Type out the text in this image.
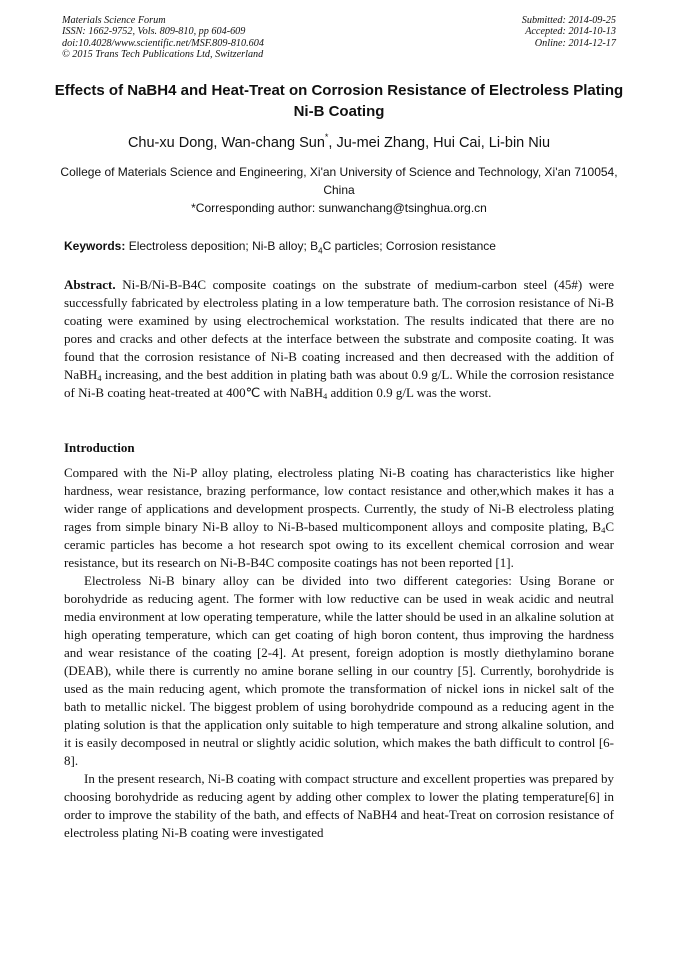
Materials Science Forum
ISSN: 1662-9752, Vols. 809-810, pp 604-609
doi:10.4028/www.scientific.net/MSF.809-810.604
© 2015 Trans Tech Publications Ltd, Switzerland
Submitted: 2014-09-25
Accepted: 2014-10-13
Online: 2014-12-17
Effects of NaBH4 and Heat-Treat on Corrosion Resistance of Electroless Plating Ni-B Coating
Chu-xu Dong, Wan-chang Sun*, Ju-mei Zhang, Hui Cai, Li-bin Niu
College of Materials Science and Engineering, Xi'an University of Science and Technology, Xi'an 710054, China
*Corresponding author: sunwanchang@tsinghua.org.cn
Keywords: Electroless deposition; Ni-B alloy; $B_4C$ particles; Corrosion resistance
Abstract. Ni-B/Ni-B-B4C composite coatings on the substrate of medium-carbon steel (45#) were successfully fabricated by electroless plating in a low temperature bath. The corrosion resistance of Ni-B coating were examined by using electrochemical workstation. The results indicated that there are no pores and cracks and other defects at the interface between the substrate and composite coating. It was found that the corrosion resistance of Ni-B coating increased and then decreased with the addition of NaBH$_4$ increasing, and the best addition in plating bath was about 0.9 g/L. While the corrosion resistance of Ni-B coating heat-treated at 400℃ with NaBH$_4$ addition 0.9 g/L was the worst.
Introduction

Compared with the Ni-P alloy plating, electroless plating Ni-B coating has characteristics like higher hardness, wear resistance, brazing performance, low contact resistance and other,which makes it has a wider range of applications and development prospects. Currently, the study of Ni-B electroless plating rages from simple binary Ni-B alloy to Ni-B-based multicomponent alloys and composite plating, $B_4C$ ceramic particles has become a hot research spot owing to its excellent chemical corrosion and wear resistance, but its research on Ni-B-B4C composite coatings has not been reported [1].

Electroless Ni-B binary alloy can be divided into two different categories: Using Borane or borohydride as reducing agent. The former with low reductive can be used in weak acidic and neutral media environment at low operating temperature, while the latter should be used in an alkaline solution at high operating temperature, which can get coating of high boron content, thus improving the hardness and wear resistance of the coating [2-4]. At present, foreign adoption is mostly diethylamino borane (DEAB), while there is currently no amine borane selling in our country [5]. Currently, borohydride is used as the main reducing agent, which promote the transformation of nickel ions in nickel salt of the bath to metallic nickel. The biggest problem of using borohydride compound as a reducing agent in the plating solution is that the application only suitable to high temperature and strong alkaline solution, and it is easily decomposed in neutral or slightly acidic solution, which makes the bath difficult to control [6-8].

In the present research, Ni-B coating with compact structure and excellent properties was prepared by choosing borohydride as reducing agent by adding other complex to lower the plating temperature[6] in order to improve the stability of the bath, and effects of NaBH4 and heat-Treat on corrosion resistance of electroless plating Ni-B coating were investigated
